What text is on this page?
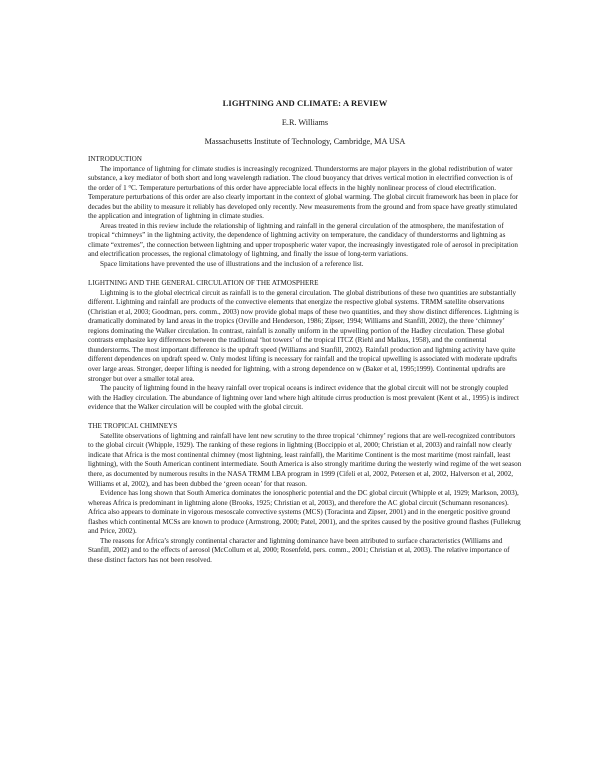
LIGHTNING AND CLIMATE: A REVIEW
E.R. Williams
Massachusetts Institute of Technology, Cambridge, MA USA
INTRODUCTION

The importance of lightning for climate studies is increasingly recognized. Thunderstorms are major players in the global redistribution of water substance, a key mediator of both short and long wavelength radiation. The cloud buoyancy that drives vertical motion in electrified convection is of the order of 1 $^o$C. Temperature perturbations of this order have appreciable local effects in the highly nonlinear process of cloud electrification. Temperature perturbations of this order are also clearly important in the context of global warming. The global circuit framework has been in place for decades but the ability to measure it reliably has developed only recently. New measurements from the ground and from space have greatly stimulated the application and integration of lightning in climate studies.

Areas treated in this review include the relationship of lightning and rainfall in the general circulation of the atmosphere, the manifestation of tropical “chimneys” in the lightning activity, the dependence of lightning activity on temperature, the candidacy of thunderstorms and lightning as climate “extremes”, the connection between lightning and upper tropospheric water vapor, the increasingly investigated role of aerosol in precipitation and electrification processes, the regional climatology of lightning, and finally the issue of long-term variations.

Space limitations have prevented the use of illustrations and the inclusion of a reference list.

LIGHTNING AND THE GENERAL CIRCULATION OF THE ATMOSPHERE

Lightning is to the global electrical circuit as rainfall is to the general circulation. The global distributions of these two quantities are substantially different. Lightning and rainfall are products of the convective elements that energize the respective global systems. TRMM satellite observations (Christian et al, 2003; Goodman, pers. comm., 2003) now provide global maps of these two quantities, and they show distinct differences. Lightning is dramatically dominated by land areas in the tropics (Orville and Henderson, 1986; Zipser, 1994; Williams and Stanfill, 2002), the three ‘chimney’ regions dominating the Walker circulation. In contrast, rainfall is zonally uniform in the upwelling portion of the Hadley circulation. These global contrasts emphasize key differences between the traditional ‘hot towers’ of the tropical ITCZ (Riehl and Malkus, 1958), and the continental thunderstorms. The most important difference is the updraft speed (Williams and Stanfill, 2002). Rainfall production and lightning activity have quite different dependences on updraft speed w. Only modest lifting is necessary for rainfall and the tropical upwelling is associated with moderate updrafts over large areas. Stronger, deeper lifting is needed for lightning, with a strong dependence on w (Baker et al, 1995;1999). Continental updrafts are stronger but over a smaller total area.

The paucity of lightning found in the heavy rainfall over tropical oceans is indirect evidence that the global circuit will not be strongly coupled with the Hadley circulation. The abundance of lightning over land where high altitude cirrus production is most prevalent (Kent et al., 1995) is indirect evidence that the Walker circulation will be coupled with the global circuit.

THE TROPICAL CHIMNEYS

Satellite observations of lightning and rainfall have lent new scrutiny to the three tropical ‘chimney’ regions that are well-recognized contributors to the global circuit (Whipple, 1929). The ranking of these regions in lightning (Boccippio et al, 2000; Christian et al, 2003) and rainfall now clearly indicate that Africa is the most continental chimney (most lightning, least rainfall), the Maritime Continent is the most maritime (most rainfall, least lightning), with the South American continent intermediate. South America is also strongly maritime during the westerly wind regime of the wet season there, as documented by numerous results in the NASA TRMM LBA program in 1999 (Cifeli et al, 2002, Petersen et al, 2002, Halverson et al, 2002, Williams et al, 2002), and has been dubbed the ‘green ocean’ for that reason.

Evidence has long shown that South America dominates the ionospheric potential and the DC global circuit (Whipple et al, 1929; Markson, 2003), whereas Africa is predominant in lightning alone (Brooks, 1925; Christian et al, 2003), and therefore the AC global circuit (Schumann resonances). Africa also appears to dominate in vigorous mesoscale convective systems (MCS) (Toracinta and Zipser, 2001) and in the energetic positive ground flashes which continental MCSs are known to produce (Armstrong, 2000; Patel, 2001), and the sprites caused by the positive ground flashes (Fullekrug and Price, 2002).

The reasons for Africa’s strongly continental character and lightning dominance have been attributed to surface characteristics (Williams and Stanfill, 2002) and to the effects of aerosol (McCollum et al, 2000; Rosenfeld, pers. comm., 2001; Christian et al, 2003). The relative importance of these distinct factors has not been resolved.
